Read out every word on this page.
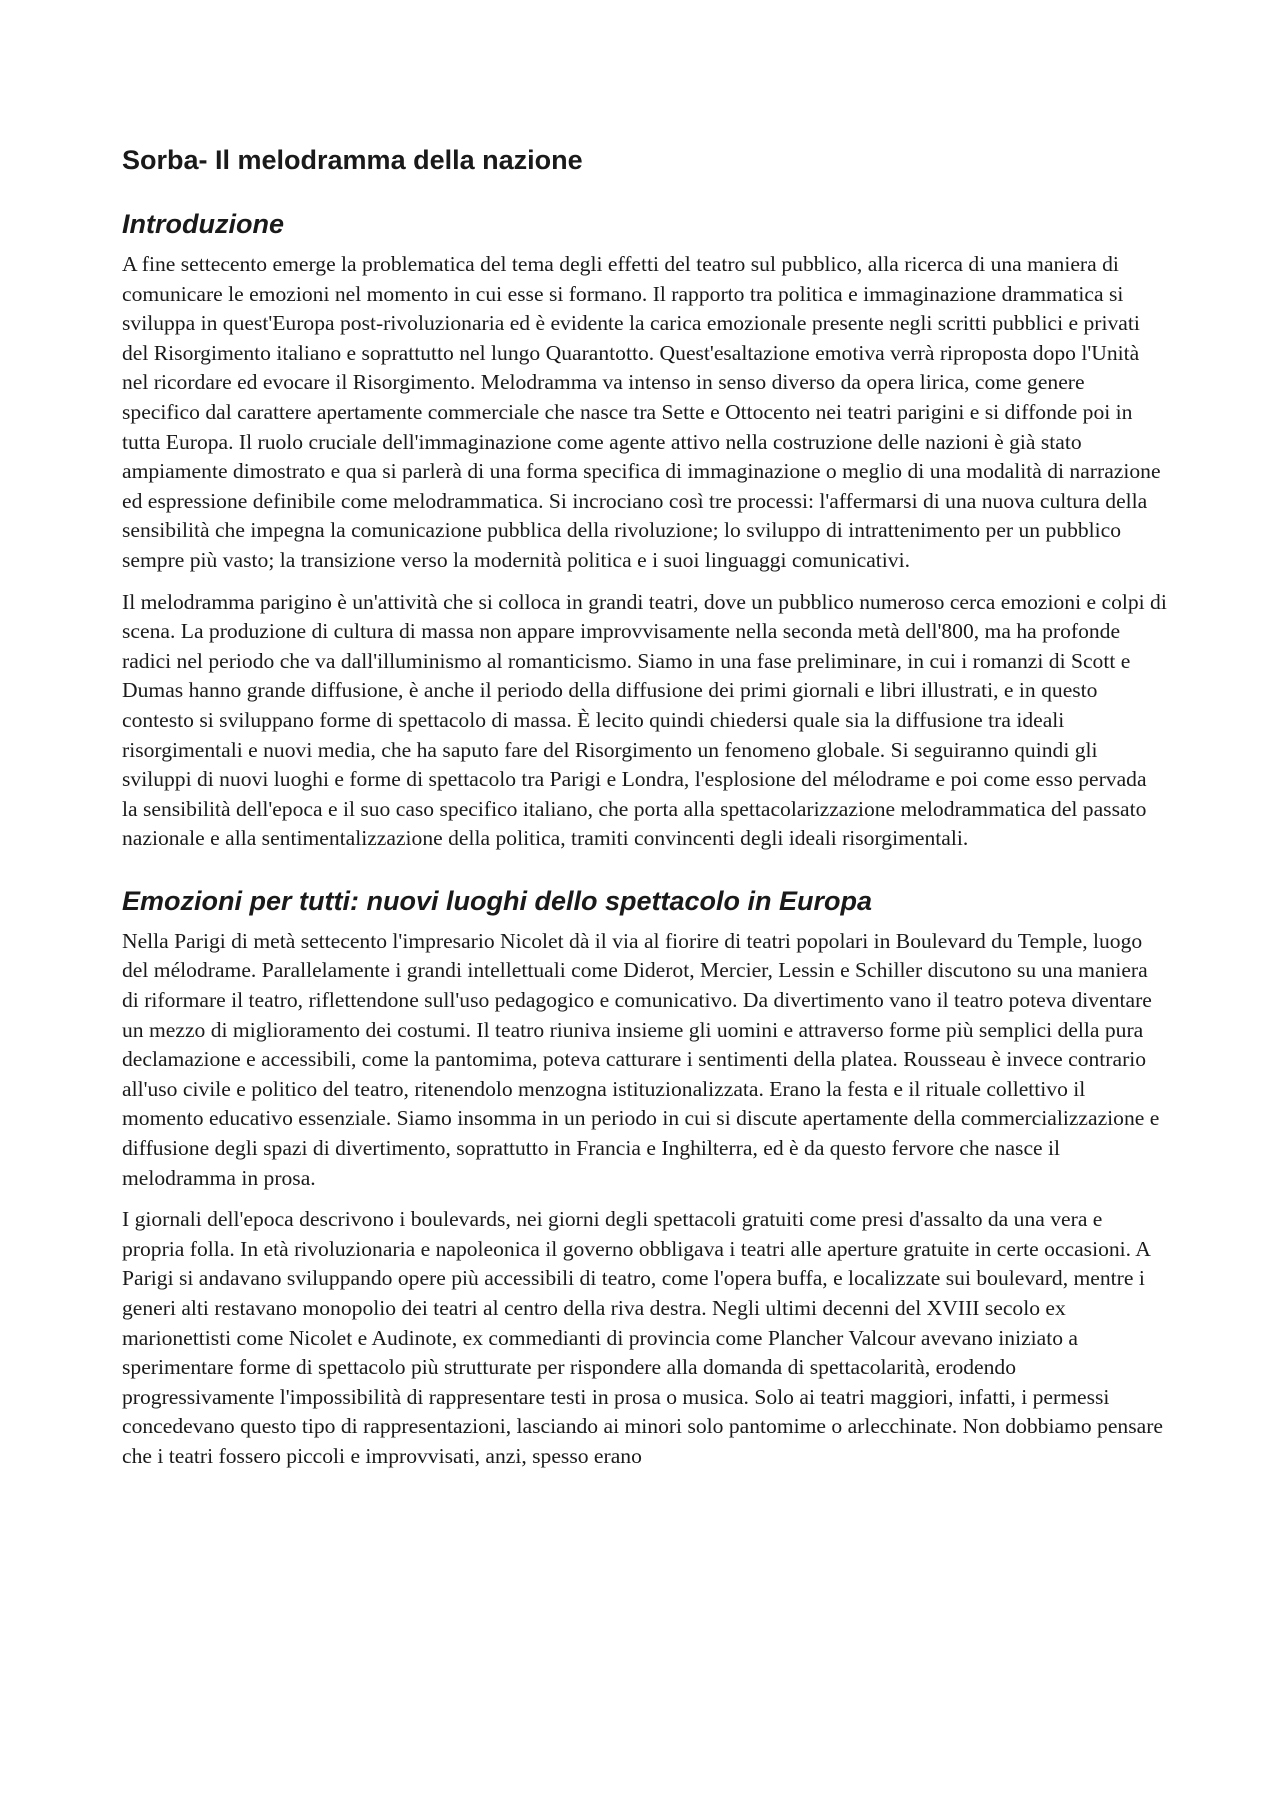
Sorba- Il melodramma della nazione
Introduzione

A fine settecento emerge la problematica del tema degli effetti del teatro sul pubblico, alla ricerca di una maniera di comunicare le emozioni nel momento in cui esse si formano. Il rapporto tra politica e immaginazione drammatica si sviluppa in quest'Europa post-rivoluzionaria ed è evidente la carica emozionale presente negli scritti pubblici e privati del Risorgimento italiano e soprattutto nel lungo Quarantotto. Quest'esaltazione emotiva verrà riproposta dopo l'Unità nel ricordare ed evocare il Risorgimento. Melodramma va intenso in senso diverso da opera lirica, come genere specifico dal carattere apertamente commerciale che nasce tra Sette e Ottocento nei teatri parigini e si diffonde poi in tutta Europa. Il ruolo cruciale dell'immaginazione come agente attivo nella costruzione delle nazioni è già stato ampiamente dimostrato e qua si parlerà di una forma specifica di immaginazione o meglio di una modalità di narrazione ed espressione definibile come melodrammatica. Si incrociano così tre processi: l'affermarsi di una nuova cultura della sensibilità che impegna la comunicazione pubblica della rivoluzione; lo sviluppo di intrattenimento per un pubblico sempre più vasto; la transizione verso la modernità politica e i suoi linguaggi comunicativi.

Il melodramma parigino è un'attività che si colloca in grandi teatri, dove un pubblico numeroso cerca emozioni e colpi di scena. La produzione di cultura di massa non appare improvvisamente nella seconda metà dell'800, ma ha profonde radici nel periodo che va dall'illuminismo al romanticismo. Siamo in una fase preliminare, in cui i romanzi di Scott e Dumas hanno grande diffusione, è anche il periodo della diffusione dei primi giornali e libri illustrati, e in questo contesto si sviluppano forme di spettacolo di massa. È lecito quindi chiedersi quale sia la diffusione tra ideali risorgimentali e nuovi media, che ha saputo fare del Risorgimento un fenomeno globale. Si seguiranno quindi gli sviluppi di nuovi luoghi e forme di spettacolo tra Parigi e Londra, l'esplosione del mélodrame e poi come esso pervada la sensibilità dell'epoca e il suo caso specifico italiano, che porta alla spettacolarizzazione melodrammatica del passato nazionale e alla sentimentalizzazione della politica, tramiti convincenti degli ideali risorgimentali.

Emozioni per tutti: nuovi luoghi dello spettacolo in Europa

Nella Parigi di metà settecento l'impresario Nicolet dà il via al fiorire di teatri popolari in Boulevard du Temple, luogo del mélodrame. Parallelamente i grandi intellettuali come Diderot, Mercier, Lessin e Schiller discutono su una maniera di riformare il teatro, riflettendone sull'uso pedagogico e comunicativo. Da divertimento vano il teatro poteva diventare un mezzo di miglioramento dei costumi. Il teatro riuniva insieme gli uomini e attraverso forme più semplici della pura declamazione e accessibili, come la pantomima, poteva catturare i sentimenti della platea. Rousseau è invece contrario all'uso civile e politico del teatro, ritenendolo menzogna istituzionalizzata. Erano la festa e il rituale collettivo il momento educativo essenziale. Siamo insomma in un periodo in cui si discute apertamente della commercializzazione e diffusione degli spazi di divertimento, soprattutto in Francia e Inghilterra, ed è da questo fervore che nasce il melodramma in prosa.

I giornali dell'epoca descrivono i boulevards, nei giorni degli spettacoli gratuiti come presi d'assalto da una vera e propria folla. In età rivoluzionaria e napoleonica il governo obbligava i teatri alle aperture gratuite in certe occasioni. A Parigi si andavano sviluppando opere più accessibili di teatro, come l'opera buffa, e localizzate sui boulevard, mentre i generi alti restavano monopolio dei teatri al centro della riva destra. Negli ultimi decenni del XVIII secolo ex marionettisti come Nicolet e Audinote, ex commedianti di provincia come Plancher Valcour avevano iniziato a sperimentare forme di spettacolo più strutturate per rispondere alla domanda di spettacolarità, erodendo progressivamente l'impossibilità di rappresentare testi in prosa o musica. Solo ai teatri maggiori, infatti, i permessi concedevano questo tipo di rappresentazioni, lasciando ai minori solo pantomime o arlecchinate. Non dobbiamo pensare che i teatri fossero piccoli e improvvisati, anzi, spesso erano
